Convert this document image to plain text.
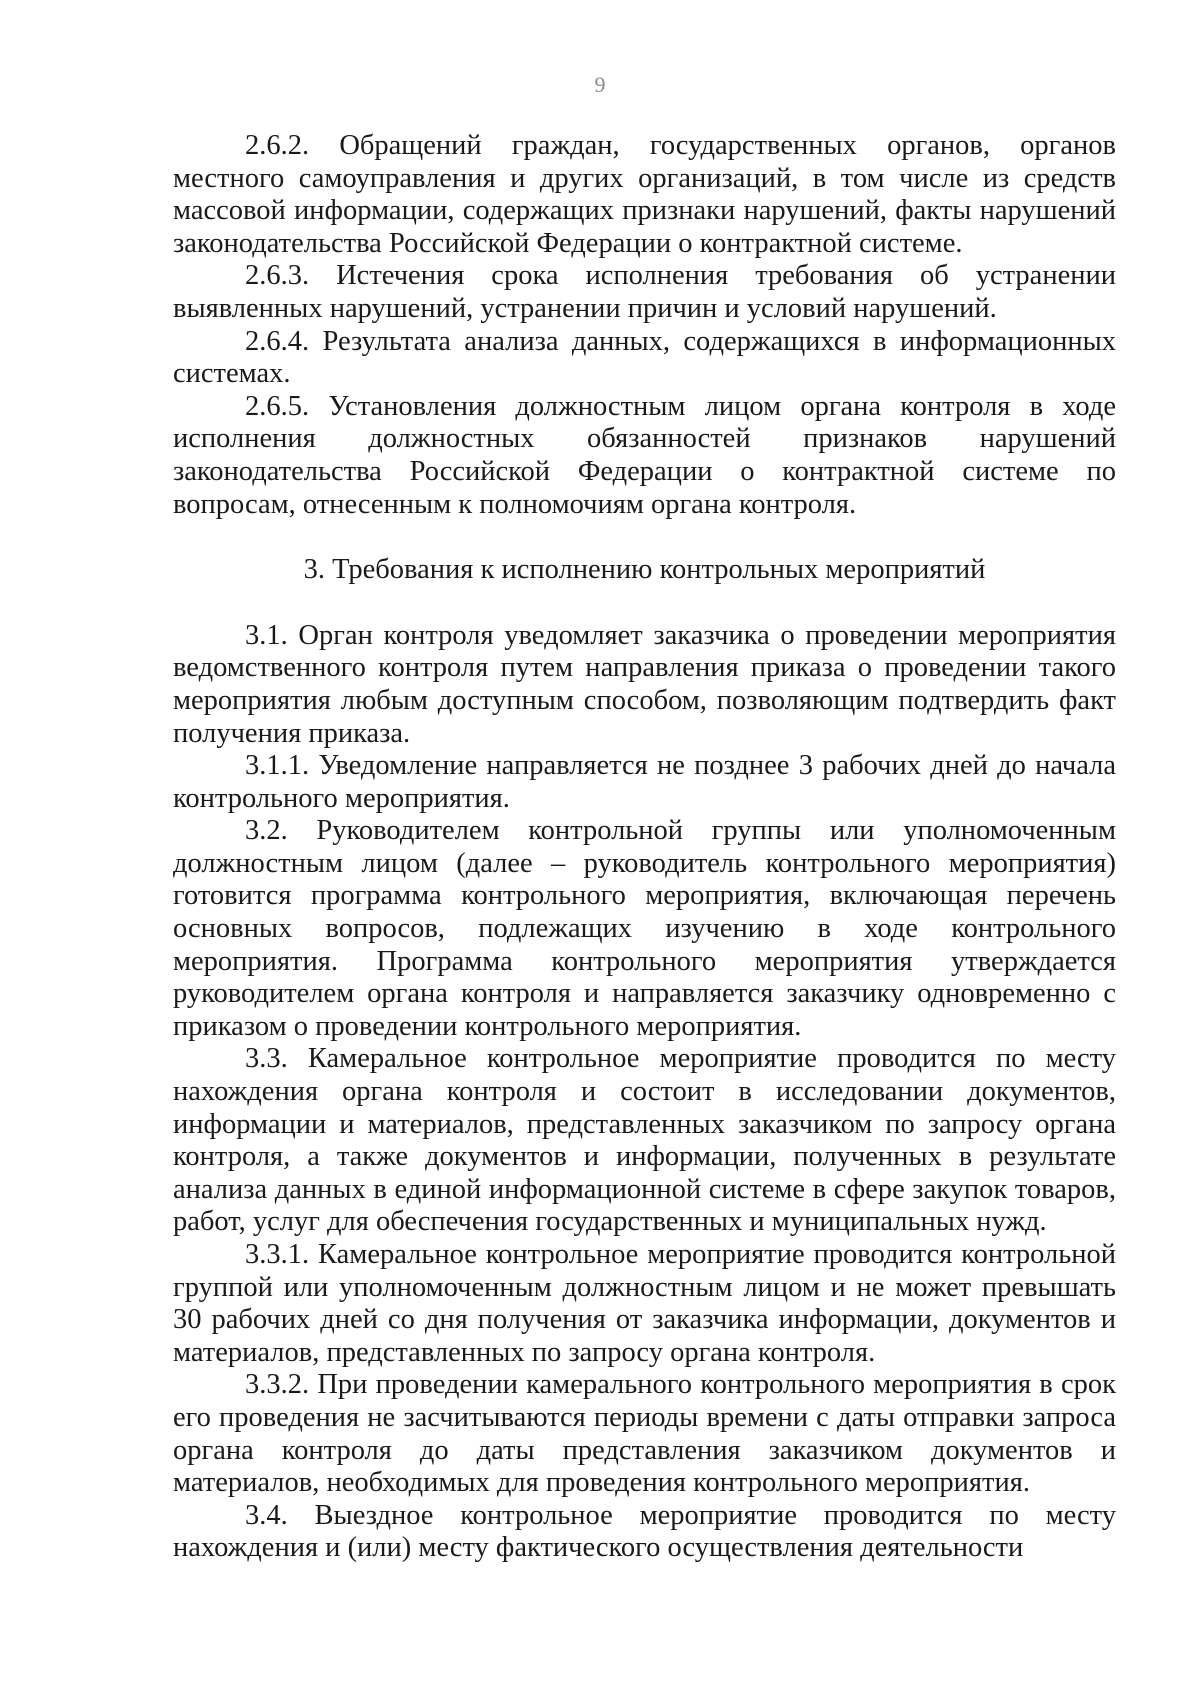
9

2.6.2. Обращений граждан, государственных органов, органов местного самоуправления и других организаций, в том числе из средств массовой информации, содержащих признаки нарушений, факты нарушений законодательства Российской Федерации о контрактной системе.

2.6.3. Истечения срока исполнения требования об устранении выявленных нарушений, устранении причин и условий нарушений.

2.6.4. Результата анализа данных, содержащихся в информационных системах.

2.6.5. Установления должностным лицом органа контроля в ходе исполнения должностных обязанностей признаков нарушений законодательства Российской Федерации о контрактной системе по вопросам, отнесенным к полномочиям органа контроля.

3. Требования к исполнению контрольных мероприятий

3.1. Орган контроля уведомляет заказчика о проведении мероприятия ведомственного контроля путем направления приказа о проведении такого мероприятия любым доступным способом, позволяющим подтвердить факт получения приказа.

3.1.1. Уведомление направляется не позднее 3 рабочих дней до начала контрольного мероприятия.

3.2. Руководителем контрольной группы или уполномоченным должностным лицом (далее – руководитель контрольного мероприятия) готовится программа контрольного мероприятия, включающая перечень основных вопросов, подлежащих изучению в ходе контрольного мероприятия. Программа контрольного мероприятия утверждается руководителем органа контроля и направляется заказчику одновременно с приказом о проведении контрольного мероприятия.

3.3. Камеральное контрольное мероприятие проводится по месту нахождения органа контроля и состоит в исследовании документов, информации и материалов, представленных заказчиком по запросу органа контроля, а также документов и информации, полученных в результате анализа данных в единой информационной системе в сфере закупок товаров, работ, услуг для обеспечения государственных и муниципальных нужд.

3.3.1. Камеральное контрольное мероприятие проводится контрольной группой или уполномоченным должностным лицом и не может превышать 30 рабочих дней со дня получения от заказчика информации, документов и материалов, представленных по запросу органа контроля.

3.3.2. При проведении камерального контрольного мероприятия в срок его проведения не засчитываются периоды времени с даты отправки запроса органа контроля до даты представления заказчиком документов и материалов, необходимых для проведения контрольного мероприятия.

3.4. Выездное контрольное мероприятие проводится по месту нахождения и (или) месту фактического осуществления деятельности
